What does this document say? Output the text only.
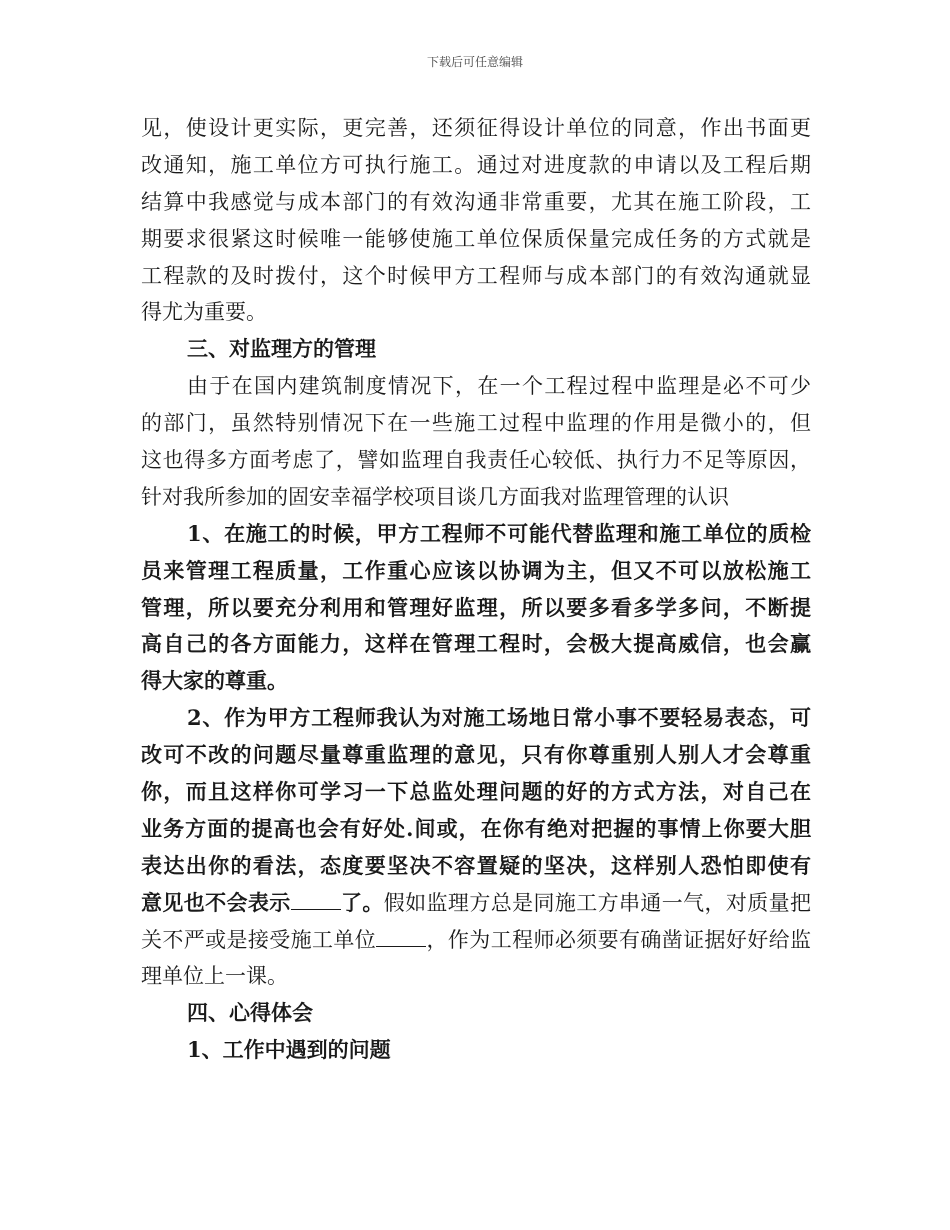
下载后可任意编辑
见，使设计更实际，更完善，还须征得设计单位的同意，作出书面更
改通知，施工单位方可执行施工。通过对进度款的申请以及工程后期
结算中我感觉与成本部门的有效沟通非常重要，尤其在施工阶段，工
期要求很紧这时候唯一能够使施工单位保质保量完成任务的方式就是
工程款的及时拨付，这个时候甲方工程师与成本部门的有效沟通就显
得尤为重要。
三、对监理方的管理
由于在国内建筑制度情况下，在一个工程过程中监理是必不可少
的部门，虽然特别情况下在一些施工过程中监理的作用是微小的，但
这也得多方面考虑了，譬如监理自我责任心较低、执行力不足等原因，
针对我所参加的固安幸福学校项目谈几方面我对监理管理的认识
1、在施工的时候，甲方工程师不可能代替监理和施工单位的质检
员来管理工程质量，工作重心应该以协调为主，但又不可以放松施工
管理，所以要充分利用和管理好监理，所以要多看多学多问，不断提
高自己的各方面能力，这样在管理工程时，会极大提高威信，也会赢
得大家的尊重。
2、作为甲方工程师我认为对施工场地日常小事不要轻易表态，可
改可不改的问题尽量尊重监理的意见，只有你尊重别人别人才会尊重
你，而且这样你可学习一下总监处理问题的好的方式方法，对自己在
业务方面的提高也会有好处.间或，在你有绝对把握的事情上你要大胆
表达出你的看法，态度要坚决不容置疑的坚决，这样别人恐怕即使有
意见也不会表示 了。假如监理方总是同施工方串通一气，对质量把
关不严或是接受施工单位 ，作为工程师必须要有确凿证据好好给监
理单位上一课。
四、心得体会
1、工作中遇到的问题
